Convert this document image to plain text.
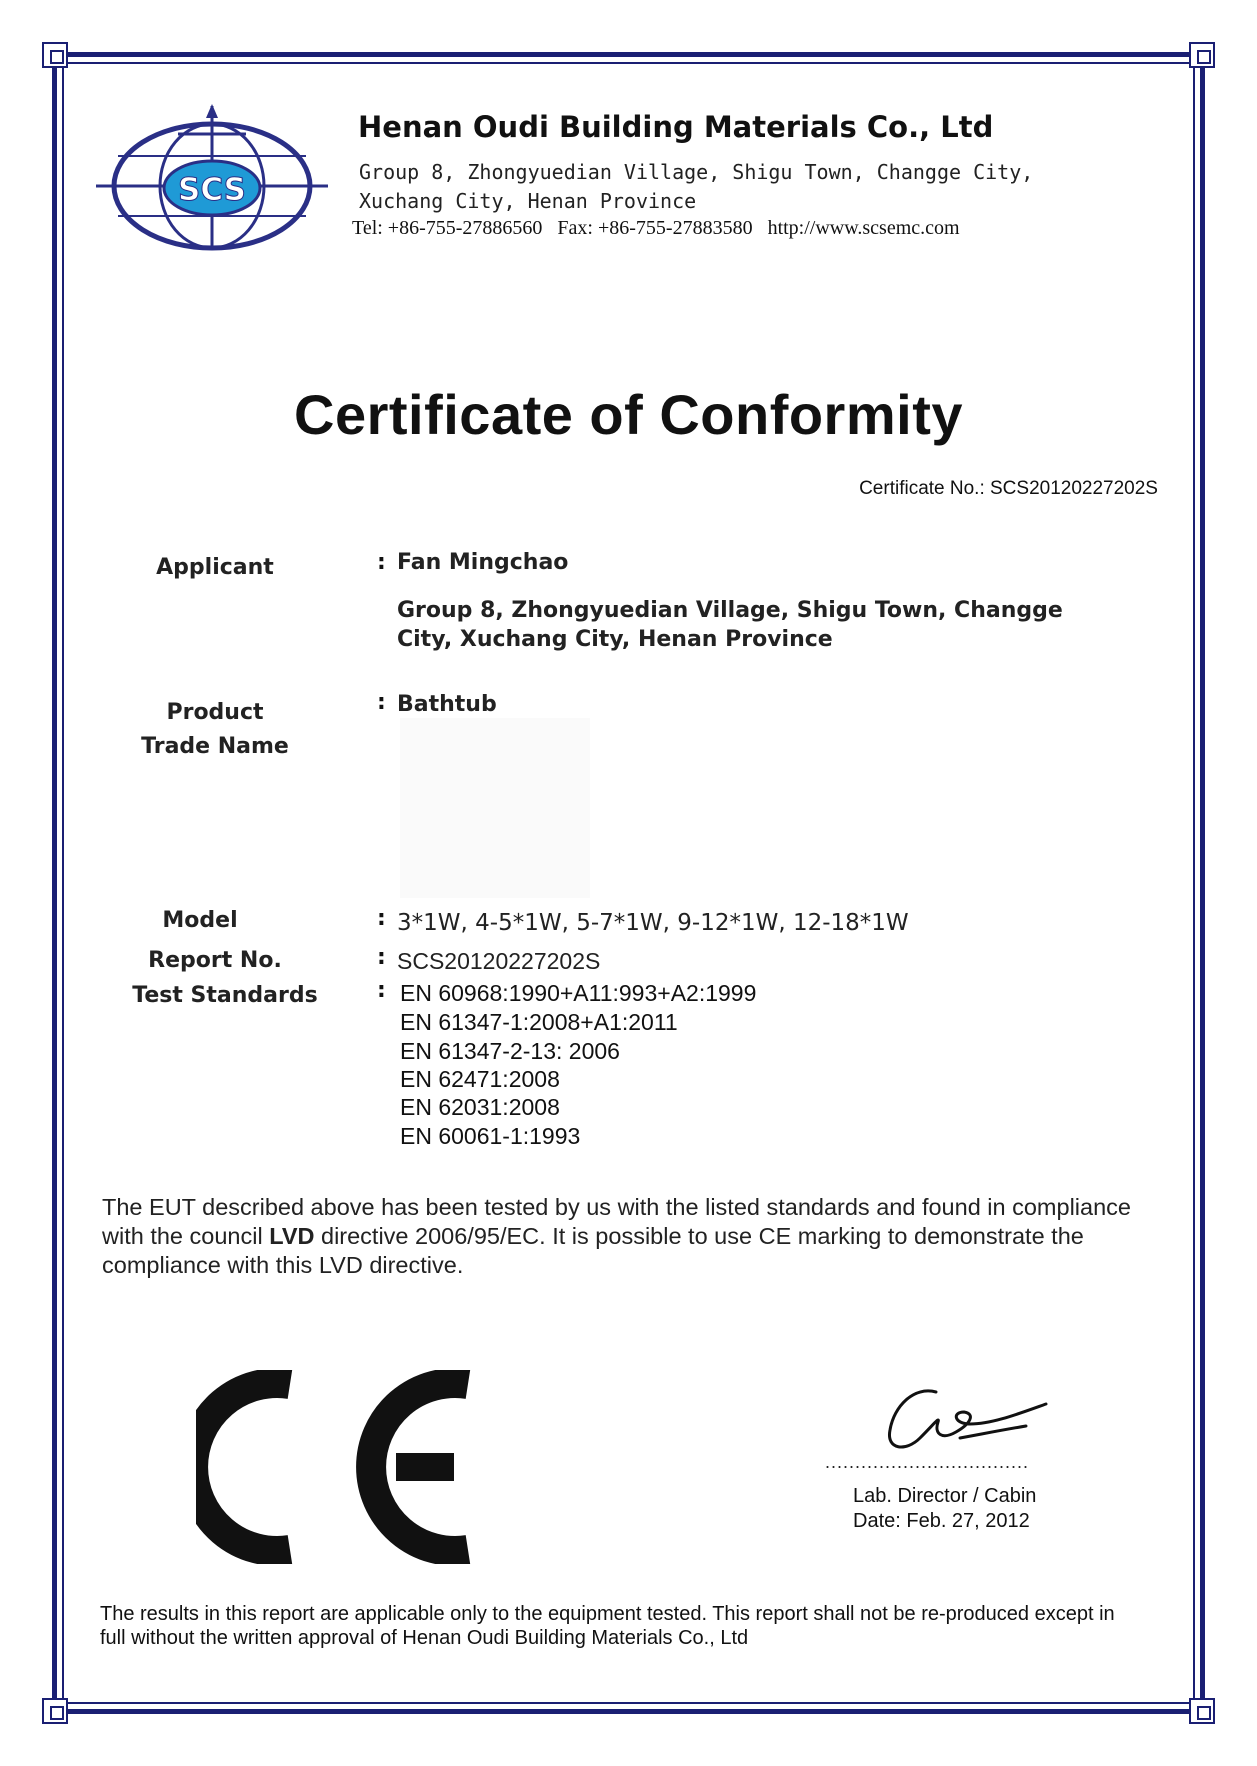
SCS
Henan Oudi Building Materials Co., Ltd
Group 8, Zhongyuedian Village, Shigu Town, Changge City,
Xuchang City, Henan Province
Tel: +86-755-27886560   Fax: +86-755-27883580   http://www.scsemc.com
Certificate of Conformity
Certificate No.: SCS20120227202S
Applicant	: Fan Mingchao
Group 8, Zhongyuedian Village, Shigu Town, Changge
City, Xuchang City, Henan Province
Product
Trade Name
: Bathtub
Model	: 3*1W, 4-5*1W, 5-7*1W, 9-12*1W, 12-18*1W
Report No.	: SCS20120227202S
Test Standards	: EN 60968:1990+A11:993+A2:1999
EN 61347-1:2008+A1:2011
EN 61347-2-13: 2006
EN 62471:2008
EN 62031:2008
EN 60061-1:1993
The EUT described above has been tested by us with the listed standards and found in compliance with the council LVD directive 2006/95/EC. It is possible to use CE marking to demonstrate the compliance with this LVD directive.
..................................
Lab. Director / Cabin
Date: Feb. 27, 2012
The results in this report are applicable only to the equipment tested. This report shall not be re-produced except in full without the written approval of Henan Oudi Building Materials Co., Ltd
